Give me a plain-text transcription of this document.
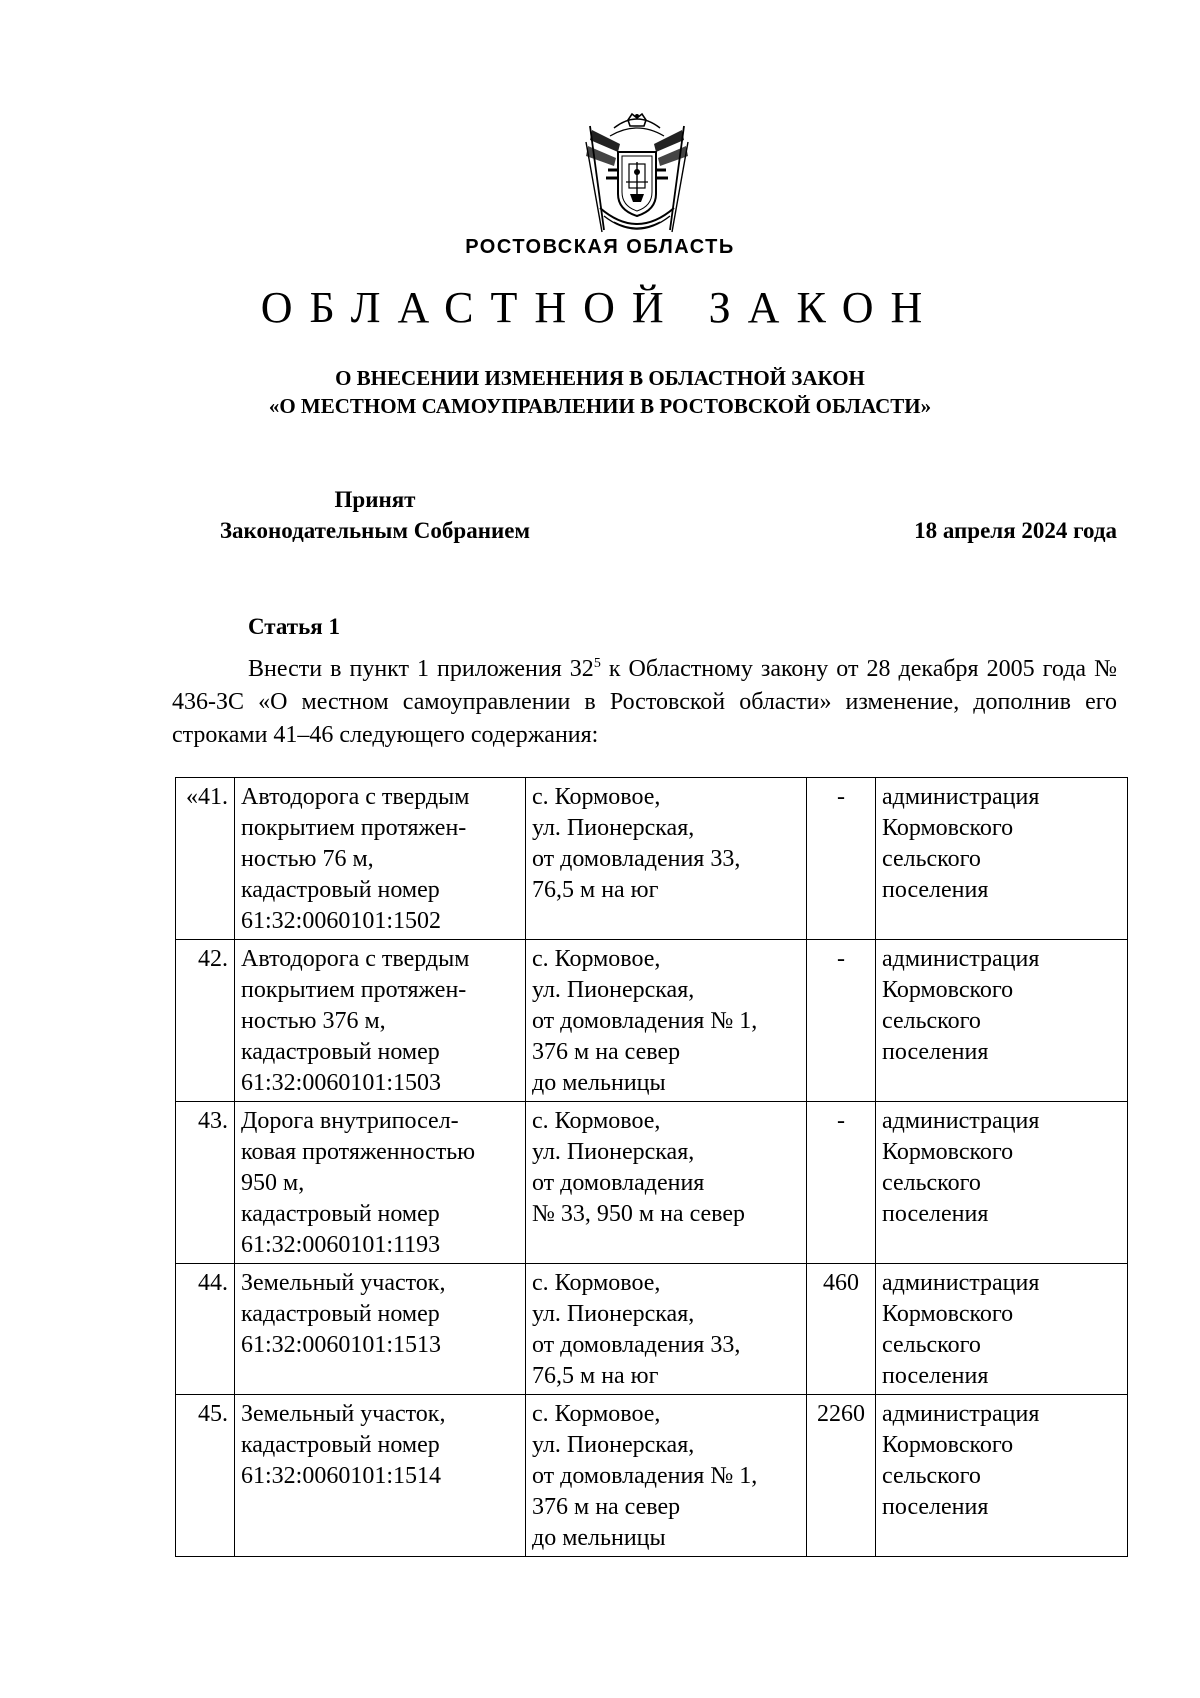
РОСТОВСКАЯ ОБЛАСТЬ
ОБЛАСТНОЙ ЗАКОН
О ВНЕСЕНИИ ИЗМЕНЕНИЯ В ОБЛАСТНОЙ ЗАКОН
«О МЕСТНОМ САМОУПРАВЛЕНИИ В РОСТОВСКОЙ ОБЛАСТИ»
Принят
Законодательным Собранием	18 апреля 2024 года
Статья 1
Внести в пункт 1 приложения $32^5$ к Областному закону от 28 декабря 2005 года № 436-ЗС «О местном самоуправлении в Ростовской области» изменение, дополнив его строками 41–46 следующего содержания:
«41.	Автодорога с твердым
покрытием протяжен-
ностью 76 м,
кадастровый номер
61:32:0060101:1502	с. Кормовое,
ул. Пионерская,
от домовладения 33,
76,5 м на юг	-	администрация
Кормовского
сельского
поселения

42.	Автодорога с твердым
покрытием протяжен-
ностью 376 м,
кадастровый номер
61:32:0060101:1503	с. Кормовое,
ул. Пионерская,
от домовладения № 1,
376 м на север
до мельницы	-	администрация
Кормовского
сельского
поселения

43.	Дорога внутрипосел-
ковая протяженностью
950 м,
кадастровый номер
61:32:0060101:1193	с. Кормовое,
ул. Пионерская,
от домовладения
№ 33, 950 м на север	-	администрация
Кормовского
сельского
поселения

44.	Земельный участок,
кадастровый номер
61:32:0060101:1513	с. Кормовое,
ул. Пионерская,
от домовладения 33,
76,5 м на юг	460	администрация
Кормовского
сельского
поселения

45.	Земельный участок,
кадастровый номер
61:32:0060101:1514	с. Кормовое,
ул. Пионерская,
от домовладения № 1,
376 м на север
до мельницы	2260	администрация
Кормовского
сельского
поселения
